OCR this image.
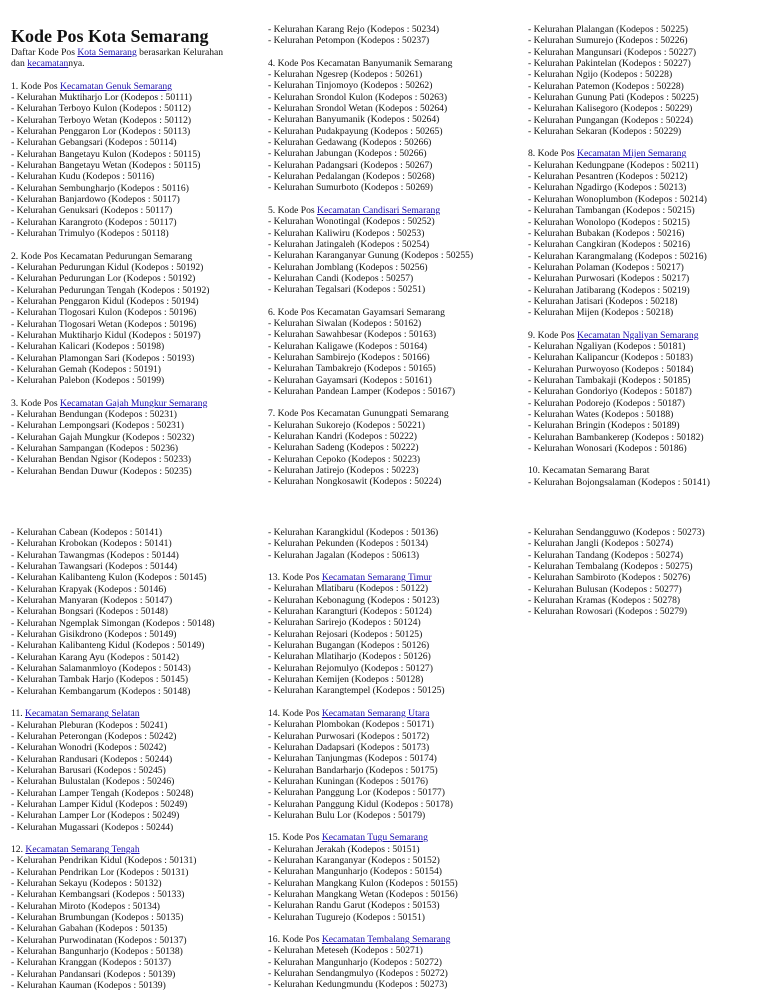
Kode Pos Kota Semarang

Daftar Kode Pos Kota Semarang berasarkan Kelurahan

dan kecamatannya.

1. Kode Pos Kecamatan Genuk Semarang

- Kelurahan Muktiharjo Lor (Kodepos : 50111)

- Kelurahan Terboyo Kulon (Kodepos : 50112)

- Kelurahan Terboyo Wetan (Kodepos : 50112)

- Kelurahan Penggaron Lor (Kodepos : 50113)

- Kelurahan Gebangsari (Kodepos : 50114)

- Kelurahan Bangetayu Kulon (Kodepos : 50115)

- Kelurahan Bangetayu Wetan (Kodepos : 50115)

- Kelurahan Kudu (Kodepos : 50116)

- Kelurahan Sembungharjo (Kodepos : 50116)

- Kelurahan Banjardowo (Kodepos : 50117)

- Kelurahan Genuksari (Kodepos : 50117)

- Kelurahan Karangroto (Kodepos : 50117)

- Kelurahan Trimulyo (Kodepos : 50118)

2. Kode Pos Kecamatan Pedurungan Semarang

- Kelurahan Pedurungan Kidul (Kodepos : 50192)

- Kelurahan Pedurungan Lor (Kodepos : 50192)

- Kelurahan Pedurungan Tengah (Kodepos : 50192)

- Kelurahan Penggaron Kidul (Kodepos : 50194)

- Kelurahan Tlogosari Kulon (Kodepos : 50196)

- Kelurahan Tlogosari Wetan (Kodepos : 50196)

- Kelurahan Muktiharjo Kidul (Kodepos : 50197)

- Kelurahan Kalicari (Kodepos : 50198)

- Kelurahan Plamongan Sari (Kodepos : 50193)

- Kelurahan Gemah (Kodepos : 50191)

- Kelurahan Palebon (Kodepos : 50199)

3. Kode Pos Kecamatan Gajah Mungkur Semarang

- Kelurahan Bendungan (Kodepos : 50231)

- Kelurahan Lempongsari (Kodepos : 50231)

- Kelurahan Gajah Mungkur (Kodepos : 50232)

- Kelurahan Sampangan (Kodepos : 50236)

- Kelurahan Bendan Ngisor (Kodepos : 50233)

- Kelurahan Bendan Duwur (Kodepos : 50235)

- Kelurahan Karang Rejo (Kodepos : 50234)

- Kelurahan Petompon (Kodepos : 50237)

4. Kode Pos Kecamatan Banyumanik Semarang

- Kelurahan Ngesrep (Kodepos : 50261)

- Kelurahan Tinjomoyo (Kodepos : 50262)

- Kelurahan Srondol Kulon (Kodepos : 50263)

- Kelurahan Srondol Wetan (Kodepos : 50264)

- Kelurahan Banyumanik (Kodepos : 50264)

- Kelurahan Pudakpayung (Kodepos : 50265)

- Kelurahan Gedawang (Kodepos : 50266)

- Kelurahan Jabungan (Kodepos : 50266)

- Kelurahan Padangsari (Kodepos : 50267)

- Kelurahan Pedalangan (Kodepos : 50268)

- Kelurahan Sumurboto (Kodepos : 50269)

5. Kode Pos Kecamatan Candisari Semarang

- Kelurahan Wonotingal (Kodepos : 50252)

- Kelurahan Kaliwiru (Kodepos : 50253)

- Kelurahan Jatingaleh (Kodepos : 50254)

- Kelurahan Karanganyar Gunung (Kodepos : 50255)

- Kelurahan Jomblang (Kodepos : 50256)

- Kelurahan Candi (Kodepos : 50257)

- Kelurahan Tegalsari (Kodepos : 50251)

6. Kode Pos Kecamatan Gayamsari Semarang

- Kelurahan Siwalan (Kodepos : 50162)

- Kelurahan Sawahbesar (Kodepos : 50163)

- Kelurahan Kaligawe (Kodepos : 50164)

- Kelurahan Sambirejo (Kodepos : 50166)

- Kelurahan Tambakrejo (Kodepos : 50165)

- Kelurahan Gayamsari (Kodepos : 50161)

- Kelurahan Pandean Lamper (Kodepos : 50167)

7. Kode Pos Kecamatan Gunungpati Semarang

- Kelurahan Sukorejo (Kodepos : 50221)

- Kelurahan Kandri (Kodepos : 50222)

- Kelurahan Sadeng (Kodepos : 50222)

- Kelurahan Cepoko (Kodepos : 50223)

- Kelurahan Jatirejo (Kodepos : 50223)

- Kelurahan Nongkosawit (Kodepos : 50224)

- Kelurahan Plalangan (Kodepos : 50225)

- Kelurahan Sumurejo (Kodepos : 50226)

- Kelurahan Mangunsari (Kodepos : 50227)

- Kelurahan Pakintelan (Kodepos : 50227)

- Kelurahan Ngijo (Kodepos : 50228)

- Kelurahan Patemon (Kodepos : 50228)

- Kelurahan Gunung Pati (Kodepos : 50225)

- Kelurahan Kalisegoro (Kodepos : 50229)

- Kelurahan Pungangan (Kodepos : 50224)

- Kelurahan Sekaran (Kodepos : 50229)

8. Kode Pos Kecamatan Mijen Semarang

- Kelurahan Kedungpane (Kodepos : 50211)

- Kelurahan Pesantren (Kodepos : 50212)

- Kelurahan Ngadirgo (Kodepos : 50213)

- Kelurahan Wonoplumbon (Kodepos : 50214)

- Kelurahan Tambangan (Kodepos : 50215)

- Kelurahan Wonolopo (Kodepos : 50215)

- Kelurahan Bubakan (Kodepos : 50216)

- Kelurahan Cangkiran (Kodepos : 50216)

- Kelurahan Karangmalang (Kodepos : 50216)

- Kelurahan Polaman (Kodepos : 50217)

- Kelurahan Purwosari (Kodepos : 50217)

- Kelurahan Jatibarang (Kodepos : 50219)

- Kelurahan Jatisari (Kodepos : 50218)

- Kelurahan Mijen (Kodepos : 50218)

9. Kode Pos Kecamatan Ngaliyan Semarang

- Kelurahan Ngaliyan (Kodepos : 50181)

- Kelurahan Kalipancur (Kodepos : 50183)

- Kelurahan Purwoyoso (Kodepos : 50184)

- Kelurahan Tambakaji (Kodepos : 50185)

- Kelurahan Gondoriyo (Kodepos : 50187)

- Kelurahan Podorejo (Kodepos : 50187)

- Kelurahan Wates (Kodepos : 50188)

- Kelurahan Bringin (Kodepos : 50189)

- Kelurahan Bambankerep (Kodepos : 50182)

- Kelurahan Wonosari (Kodepos : 50186)

10. Kecamatan Semarang Barat

- Kelurahan Bojongsalaman (Kodepos : 50141)

- Kelurahan Cabean (Kodepos : 50141)

- Kelurahan Krobokan (Kodepos : 50141)

- Kelurahan Tawangmas (Kodepos : 50144)

- Kelurahan Tawangsari (Kodepos : 50144)

- Kelurahan Kalibanteng Kulon (Kodepos : 50145)

- Kelurahan Krapyak (Kodepos : 50146)

- Kelurahan Manyaran (Kodepos : 50147)

- Kelurahan Bongsari (Kodepos : 50148)

- Kelurahan Ngemplak Simongan (Kodepos : 50148)

- Kelurahan Gisikdrono (Kodepos : 50149)

- Kelurahan Kalibanteng Kidul (Kodepos : 50149)

- Kelurahan Karang Ayu (Kodepos : 50142)

- Kelurahan Salamanmloyo (Kodepos : 50143)

- Kelurahan Tambak Harjo (Kodepos : 50145)

- Kelurahan Kembangarum (Kodepos : 50148)

11. Kecamatan Semarang Selatan

- Kelurahan Pleburan (Kodepos : 50241)

- Kelurahan Peterongan (Kodepos : 50242)

- Kelurahan Wonodri (Kodepos : 50242)

- Kelurahan Randusari (Kodepos : 50244)

- Kelurahan Barusari (Kodepos : 50245)

- Kelurahan Bulustalan (Kodepos : 50246)

- Kelurahan Lamper Tengah (Kodepos : 50248)

- Kelurahan Lamper Kidul (Kodepos : 50249)

- Kelurahan Lamper Lor (Kodepos : 50249)

- Kelurahan Mugassari (Kodepos : 50244)

12. Kecamatan Semarang Tengah

- Kelurahan Pendrikan Kidul (Kodepos : 50131)

- Kelurahan Pendrikan Lor (Kodepos : 50131)

- Kelurahan Sekayu (Kodepos : 50132)

- Kelurahan Kembangsari (Kodepos : 50133)

- Kelurahan Miroto (Kodepos : 50134)

- Kelurahan Brumbungan (Kodepos : 50135)

- Kelurahan Gabahan (Kodepos : 50135)

- Kelurahan Purwodinatan (Kodepos : 50137)

- Kelurahan Bangunharjo (Kodepos : 50138)

- Kelurahan Kranggan (Kodepos : 50137)

- Kelurahan Pandansari (Kodepos : 50139)

- Kelurahan Kauman (Kodepos : 50139)

- Kelurahan Karangkidul (Kodepos : 50136)

- Kelurahan Pekunden (Kodepos : 50134)

- Kelurahan Jagalan (Kodepos : 50613)

13. Kode Pos Kecamatan Semarang Timur

- Kelurahan Mlatibaru (Kodepos : 50122)

- Kelurahan Kebonagung (Kodepos : 50123)

- Kelurahan Karangturi (Kodepos : 50124)

- Kelurahan Sarirejo (Kodepos : 50124)

- Kelurahan Rejosari (Kodepos : 50125)

- Kelurahan Bugangan (Kodepos : 50126)

- Kelurahan Mlatiharjo (Kodepos : 50126)

- Kelurahan Rejomulyo (Kodepos : 50127)

- Kelurahan Kemijen (Kodepos : 50128)

- Kelurahan Karangtempel (Kodepos : 50125)

14. Kode Pos Kecamatan Semarang Utara

- Kelurahan Plombokan (Kodepos : 50171)

- Kelurahan Purwosari (Kodepos : 50172)

- Kelurahan Dadapsari (Kodepos : 50173)

- Kelurahan Tanjungmas (Kodepos : 50174)

- Kelurahan Bandarharjo (Kodepos : 50175)

- Kelurahan Kuningan (Kodepos : 50176)

- Kelurahan Panggung Lor (Kodepos : 50177)

- Kelurahan Panggung Kidul (Kodepos : 50178)

- Kelurahan Bulu Lor (Kodepos : 50179)

15. Kode Pos Kecamatan Tugu Semarang

- Kelurahan Jerakah (Kodepos : 50151)

- Kelurahan Karanganyar (Kodepos : 50152)

- Kelurahan Mangunharjo (Kodepos : 50154)

- Kelurahan Mangkang Kulon (Kodepos : 50155)

- Kelurahan Mangkang Wetan (Kodepos : 50156)

- Kelurahan Randu Garut (Kodepos : 50153)

- Kelurahan Tugurejo (Kodepos : 50151)

16. Kode Pos Kecamatan Tembalang Semarang

- Kelurahan Meteseh (Kodepos : 50271)

- Kelurahan Mangunharjo (Kodepos : 50272)

- Kelurahan Sendangmulyo (Kodepos : 50272)

- Kelurahan Kedungmundu (Kodepos : 50273)

- Kelurahan Sendangguwo (Kodepos : 50273)

- Kelurahan Jangli (Kodepos : 50274)

- Kelurahan Tandang (Kodepos : 50274)

- Kelurahan Tembalang (Kodepos : 50275)

- Kelurahan Sambiroto (Kodepos : 50276)

- Kelurahan Bulusan (Kodepos : 50277)

- Kelurahan Kramas (Kodepos : 50278)

- Kelurahan Rowosari (Kodepos : 50279)
